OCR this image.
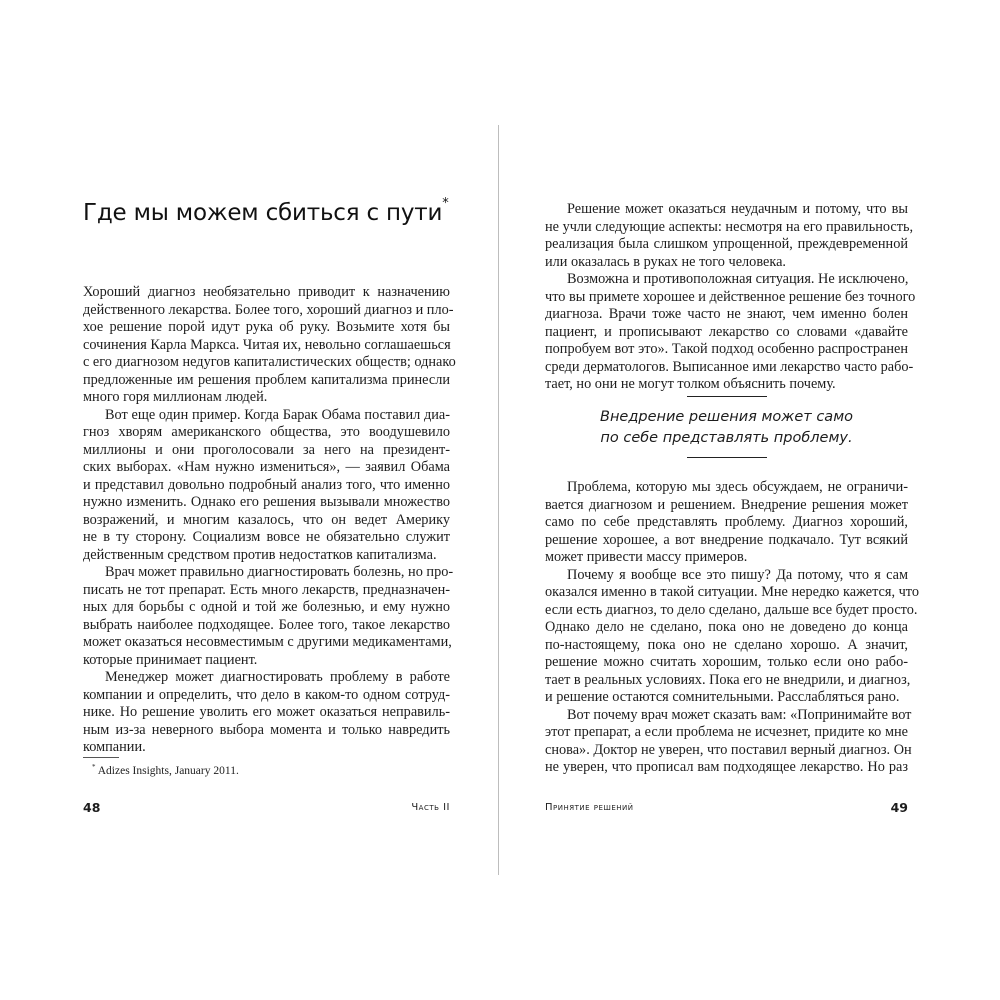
Где мы можем сбиться с пути*
Хороший диагноз необязательно приводит к назначению
действенного лекарства. Более того, хороший диагноз и пло-
хое решение порой идут рука об руку. Возьмите хотя бы
сочинения Карла Маркса. Читая их, невольно соглашаешься
с его диагнозом недугов капиталистических обществ; однако
предложенные им решения проблем капитализма принесли
много горя миллионам людей.
Вот еще один пример. Когда Барак Обама поставил диа-
гноз хворям американского общества, это воодушевило
миллионы и они проголосовали за него на президент-
ских выборах. «Нам нужно измениться», — заявил Обама
и представил довольно подробный анализ того, что именно
нужно изменить. Однако его решения вызывали множество
возражений, и многим казалось, что он ведет Америку
не в ту сторону. Социализм вовсе не обязательно служит
действенным средством против недостатков капитализма.
Врач может правильно диагностировать болезнь, но про-
писать не тот препарат. Есть много лекарств, предназначен-
ных для борьбы с одной и той же болезнью, и ему нужно
выбрать наиболее подходящее. Более того, такое лекарство
может оказаться несовместимым с другими медикаментами,
которые принимает пациент.
Менеджер может диагностировать проблему в работе
компании и определить, что дело в каком-то одном сотруд-
нике. Но решение уволить его может оказаться неправиль-
ным из-за неверного выбора момента и только навредить
компании.
Решение может оказаться неудачным и потому, что вы
не учли следующие аспекты: несмотря на его правильность,
реализация была слишком упрощенной, преждевременной
или оказалась в руках не того человека.
Возможна и противоположная ситуация. Не исключено,
что вы примете хорошее и действенное решение без точного
диагноза. Врачи тоже часто не знают, чем именно болен
пациент, и прописывают лекарство со словами «давайте
попробуем вот это». Такой подход особенно распространен
среди дерматологов. Выписанное ими лекарство часто рабо-
тает, но они не могут толком объяснить почему.
Внедрение решения может само
по себе представлять проблему.
Проблема, которую мы здесь обсуждаем, не ограничи-
вается диагнозом и решением. Внедрение решения может
само по себе представлять проблему. Диагноз хороший,
решение хорошее, а вот внедрение подкачало. Тут всякий
может привести массу примеров.
Почему я вообще все это пишу? Да потому, что я сам
оказался именно в такой ситуации. Мне нередко кажется, что
если есть диагноз, то дело сделано, дальше все будет просто.
Однако дело не сделано, пока оно не доведено до конца
по-настоящему, пока оно не сделано хорошо. А значит,
решение можно считать хорошим, только если оно рабо-
тает в реальных условиях. Пока его не внедрили, и диагноз,
и решение остаются сомнительными. Расслабляться рано.
Вот почему врач может сказать вам: «Попринимайте вот
этот препарат, а если проблема не исчезнет, придите ко мне
снова». Доктор не уверен, что поставил верный диагноз. Он
не уверен, что прописал вам подходящее лекарство. Но раз
* Adizes Insights, January 2011.
48	Часть II	Принятие решений	49
